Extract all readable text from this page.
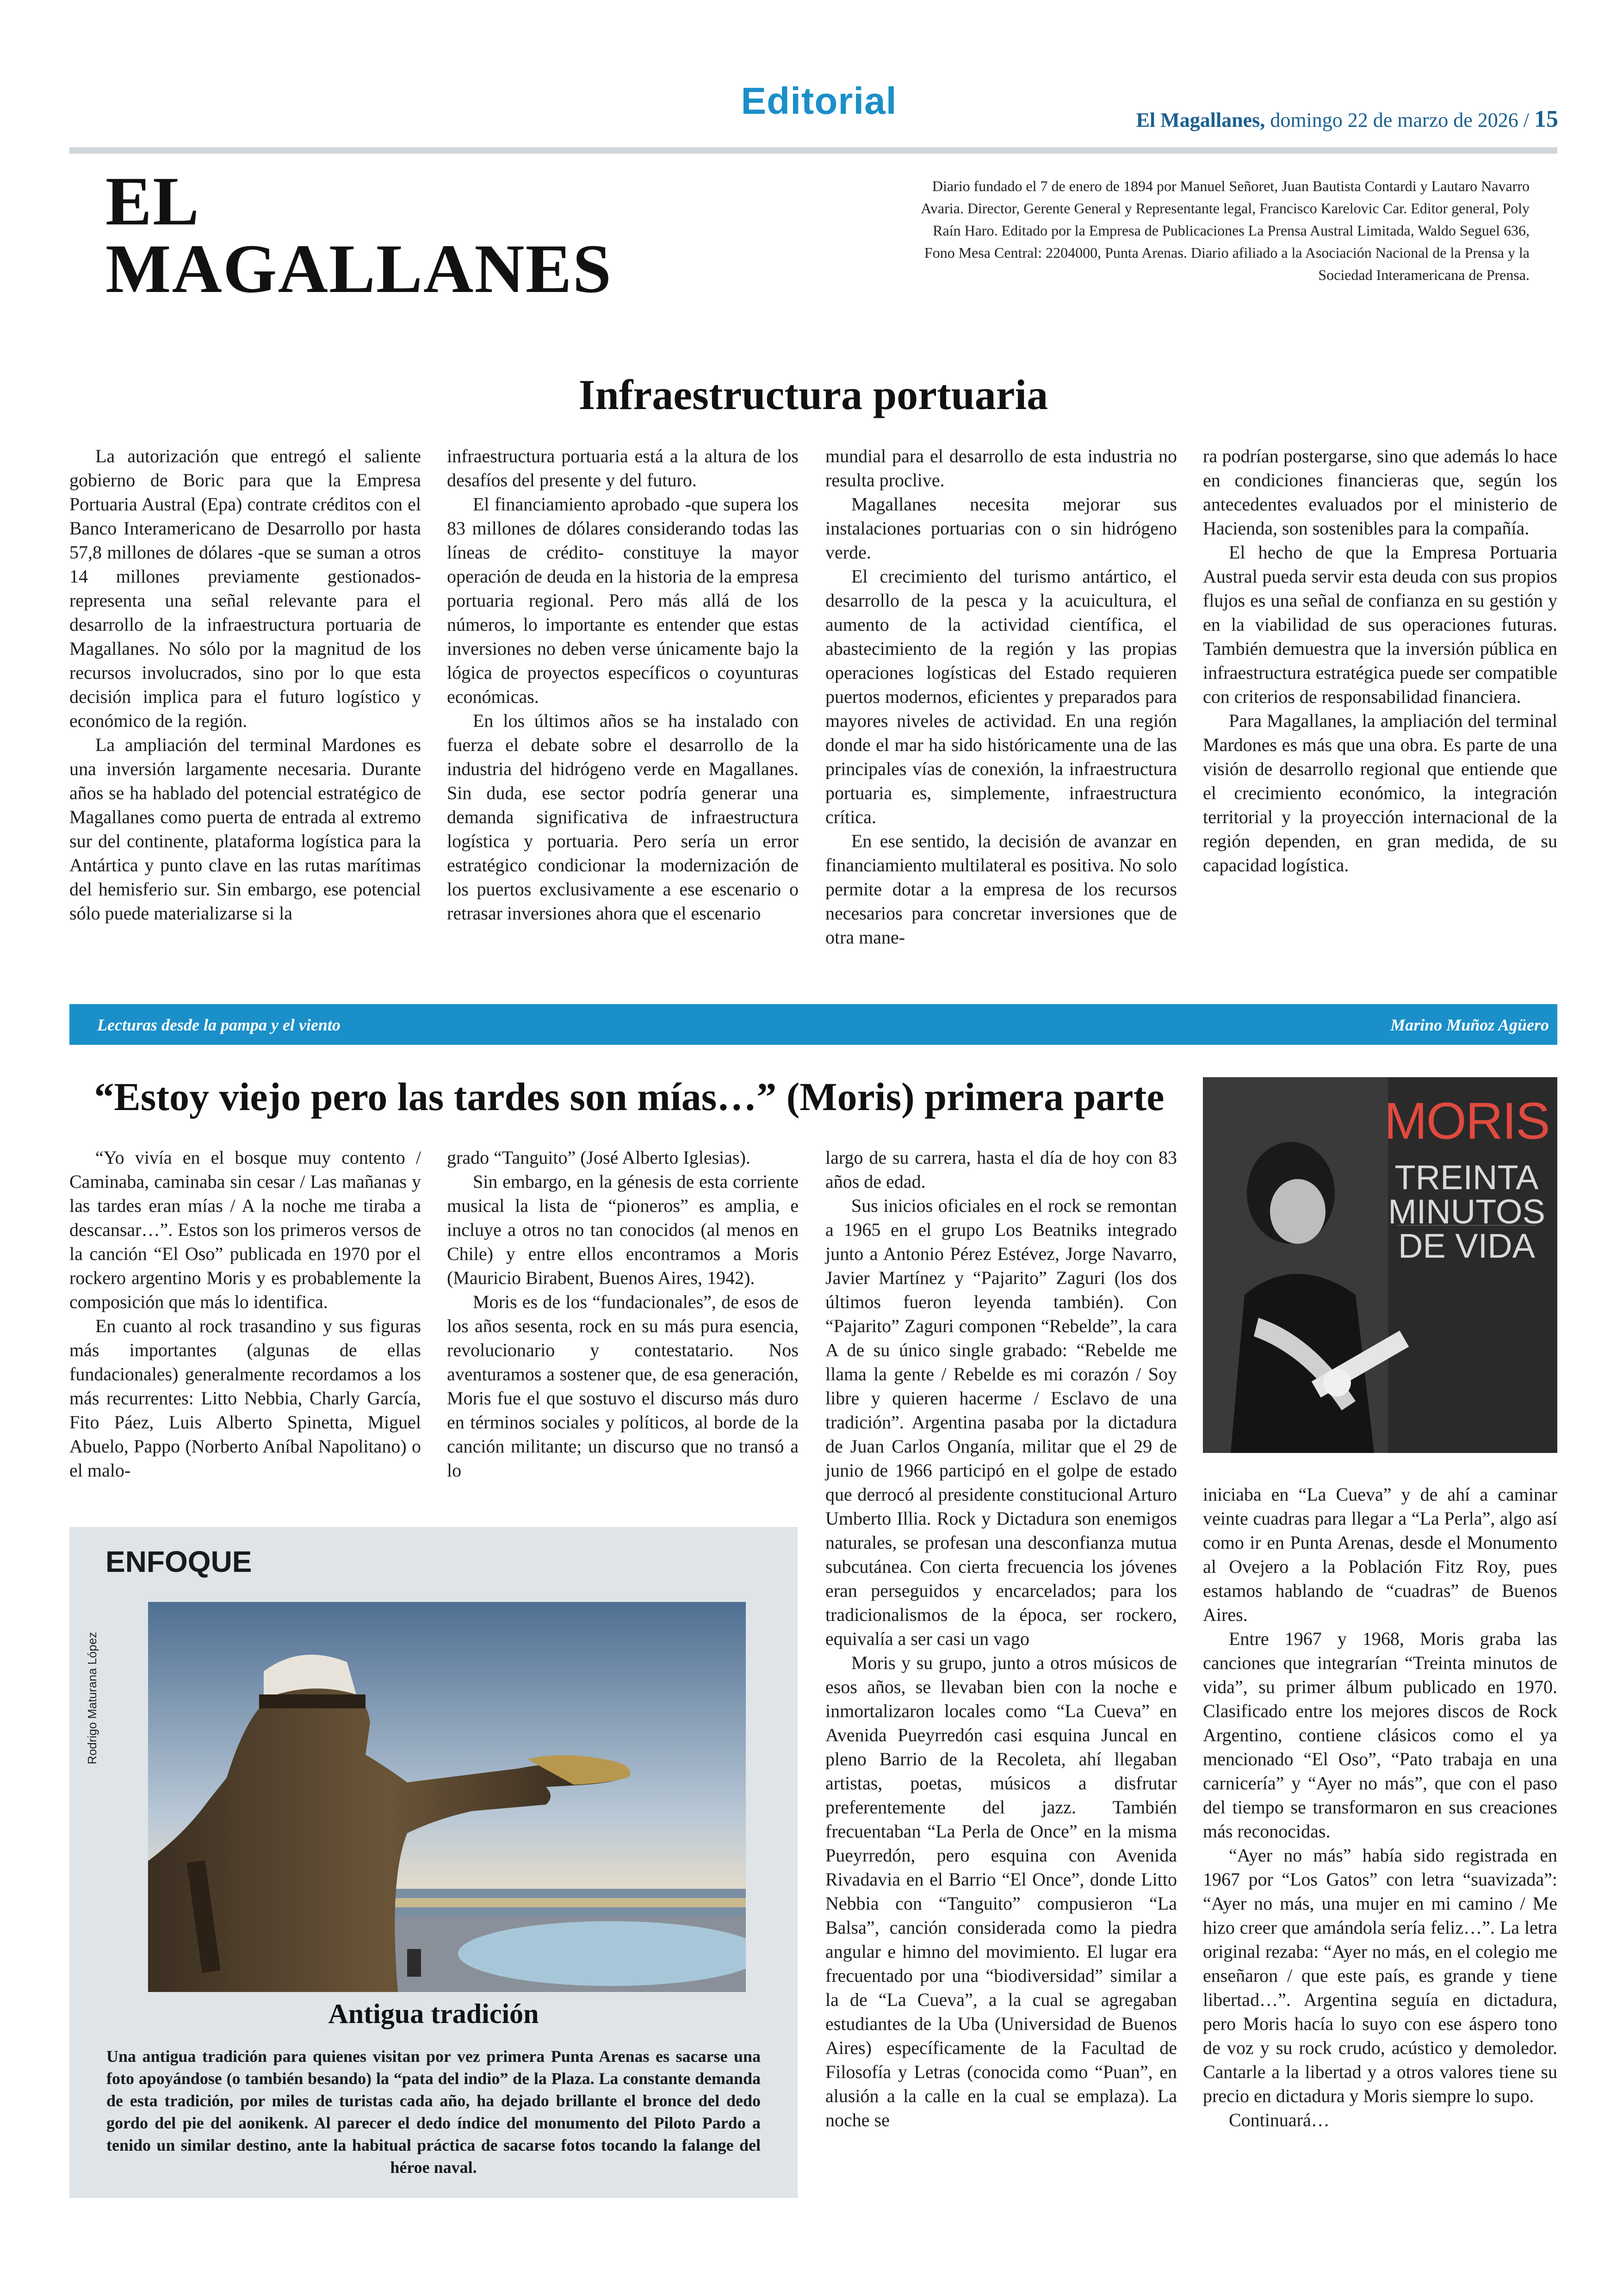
Editorial	El Magallanes, domingo 22 de marzo de 2026 / 15
EL
MAGALLANES
Diario fundado el 7 de enero de 1894 por Manuel Señoret, Juan Bautista Contardi y Lautaro Navarro Avaria. Director, Gerente General y Representante legal, Francisco Karelovic Car. Editor general, Poly Raín Haro. Editado por la Empresa de Publicaciones La Prensa Austral Limitada, Waldo Seguel 636, Fono Mesa Central: 2204000, Punta Arenas. Diario afiliado a la Asociación Nacional de la Prensa y la Sociedad Interamericana de Prensa.
Infraestructura portuaria

La autorización que entregó el saliente gobierno de Boric para que la Empresa Portuaria Austral (Epa) contrate créditos con el Banco Interamericano de Desarrollo por hasta 57,8 millones de dólares -que se suman a otros 14 millones previamente gestionados- representa una señal relevante para el desarrollo de la infraestructura portuaria de Magallanes. No sólo por la magnitud de los recursos involucrados, sino por lo que esta decisión implica para el futuro logístico y económico de la región.

La ampliación del terminal Mardones es una inversión largamente necesaria. Durante años se ha hablado del potencial estratégico de Magallanes como puerta de entrada al extremo sur del continente, plataforma logística para la Antártica y punto clave en las rutas marítimas del hemisferio sur. Sin embargo, ese potencial sólo puede materializarse si la

infraestructura portuaria está a la altura de los desafíos del presente y del futuro.

El financiamiento aprobado -que supera los 83 millones de dólares considerando todas las líneas de crédito- constituye la mayor operación de deuda en la historia de la empresa portuaria regional. Pero más allá de los números, lo importante es entender que estas inversiones no deben verse únicamente bajo la lógica de proyectos específicos o coyunturas económicas.

En los últimos años se ha instalado con fuerza el debate sobre el desarrollo de la industria del hidrógeno verde en Magallanes. Sin duda, ese sector podría generar una demanda significativa de infraestructura logística y portuaria. Pero sería un error estratégico condicionar la modernización de los puertos exclusivamente a ese escenario o retrasar inversiones ahora que el escenario

mundial para el desarrollo de esta industria no resulta proclive.

Magallanes necesita mejorar sus instalaciones portuarias con o sin hidrógeno verde.

El crecimiento del turismo antártico, el desarrollo de la pesca y la acuicultura, el aumento de la actividad científica, el abastecimiento de la región y las propias operaciones logísticas del Estado requieren puertos modernos, eficientes y preparados para mayores niveles de actividad. En una región donde el mar ha sido históricamente una de las principales vías de conexión, la infraestructura portuaria es, simplemente, infraestructura crítica.

En ese sentido, la decisión de avanzar en financiamiento multilateral es positiva. No solo permite dotar a la empresa de los recursos necesarios para concretar inversiones que de otra mane-

ra podrían postergarse, sino que además lo hace en condiciones financieras que, según los antecedentes evaluados por el ministerio de Hacienda, son sostenibles para la compañía.

El hecho de que la Empresa Portuaria Austral pueda servir esta deuda con sus propios flujos es una señal de confianza en su gestión y en la viabilidad de sus operaciones futuras. También demuestra que la inversión pública en infraestructura estratégica puede ser compatible con criterios de responsabilidad financiera.

Para Magallanes, la ampliación del terminal Mardones es más que una obra. Es parte de una visión de desarrollo regional que entiende que el crecimiento económico, la integración territorial y la proyección internacional de la región dependen, en gran medida, de su capacidad logística.

Lecturas desde la pampa y el viento	Marino Muñoz Agüero
“Estoy viejo pero las tardes son mías…” (Moris) primera parte

“Yo vivía en el bosque muy contento / Caminaba, caminaba sin cesar / Las mañanas y las tardes eran mías / A la noche me tiraba a descansar…”. Estos son los primeros versos de la canción “El Oso” publicada en 1970 por el rockero argentino Moris y es probablemente la composición que más lo identifica.

En cuanto al rock trasandino y sus figuras más importantes (algunas de ellas fundacionales) generalmente recordamos a los más recurrentes: Litto Nebbia, Charly García, Fito Páez, Luis Alberto Spinetta, Miguel Abuelo, Pappo (Norberto Aníbal Napolitano) o el malo-

grado “Tanguito” (José Alberto Iglesias).

Sin embargo, en la génesis de esta corriente musical la lista de “pioneros” es amplia, e incluye a otros no tan conocidos (al menos en Chile) y entre ellos encontramos a Moris (Mauricio Birabent, Buenos Aires, 1942).

Moris es de los “fundacionales”, de esos de los años sesenta, rock en su más pura esencia, revolucionario y contestatario. Nos aventuramos a sostener que, de esa generación, Moris fue el que sostuvo el discurso más duro en términos sociales y políticos, al borde de la canción militante; un discurso que no transó a lo

largo de su carrera, hasta el día de hoy con 83 años de edad.

Sus inicios oficiales en el rock se remontan a 1965 en el grupo Los Beatniks integrado junto a Antonio Pérez Estévez, Jorge Navarro, Javier Martínez y “Pajarito” Zaguri (los dos últimos fueron leyenda también). Con “Pajarito” Zaguri componen “Rebelde”, la cara A de su único single grabado: “Rebelde me llama la gente / Rebelde es mi corazón / Soy libre y quieren hacerme / Esclavo de una tradición”. Argentina pasaba por la dictadura de Juan Carlos Onganía, militar que el 29 de junio de 1966 participó en el golpe de estado que derrocó al presidente constitucional Arturo Umberto Illia. Rock y Dictadura son enemigos naturales, se profesan una desconfianza mutua subcutánea. Con cierta frecuencia los jóvenes eran perseguidos y encarcelados; para los tradicionalismos de la época, ser rockero, equivalía a ser casi un vago

Moris y su grupo, junto a otros músicos de esos años, se llevaban bien con la noche e inmortalizaron locales como “La Cueva” en Avenida Pueyrredón casi esquina Juncal en pleno Barrio de la Recoleta, ahí llegaban artistas, poetas, músicos a disfrutar preferentemente del jazz. También frecuentaban “La Perla de Once” en la misma Pueyrredón, pero esquina con Avenida Rivadavia en el Barrio “El Once”, donde Litto Nebbia con “Tanguito” compusieron “La Balsa”, canción considerada como la piedra angular e himno del movimiento. El lugar era frecuentado por una “biodiversidad” similar a la de “La Cueva”, a la cual se agregaban estudiantes de la Uba (Universidad de Buenos Aires) específicamente de la Facultad de Filosofía y Letras (conocida como “Puan”, en alusión a la calle en la cual se emplaza). La noche se

iniciaba en “La Cueva” y de ahí a caminar veinte cuadras para llegar a “La Perla”, algo así como ir en Punta Arenas, desde el Monumento al Ovejero a la Población Fitz Roy, pues estamos hablando de “cuadras” de Buenos Aires.

Entre 1967 y 1968, Moris graba las canciones que integrarían “Treinta minutos de vida”, su primer álbum publicado en 1970. Clasificado entre los mejores discos de Rock Argentino, contiene clásicos como el ya mencionado “El Oso”, “Pato trabaja en una carnicería” y “Ayer no más”, que con el paso del tiempo se transformaron en sus creaciones más reconocidas.

“Ayer no más” había sido registrada en 1967 por “Los Gatos” con letra “suavizada”: “Ayer no más, una mujer en mi camino / Me hizo creer que amándola sería feliz…”. La letra original rezaba: “Ayer no más, en el colegio me enseñaron / que este país, es grande y tiene libertad…”. Argentina seguía en dictadura, pero Moris hacía lo suyo con ese áspero tono de voz y su rock crudo, acústico y demoledor. Cantarle a la libertad y a otros valores tiene su precio en dictadura y Moris siempre lo supo.

Continuará…

MORIS
TREINTA
MINUTOS
DE VIDA
ENFOQUE
Rodrigo Maturana López
Antigua tradición
Una antigua tradición para quienes visitan por vez primera Punta Arenas es sacarse una foto apoyándose (o también besando) la “pata del indio” de la Plaza. La constante demanda de esta tradición, por miles de turistas cada año, ha dejado brillante el bronce del dedo gordo del pie del aonikenk. Al parecer el dedo índice del monumento del Piloto Pardo a tenido un similar destino, ante la habitual práctica de sacarse fotos tocando la falange del héroe naval.
